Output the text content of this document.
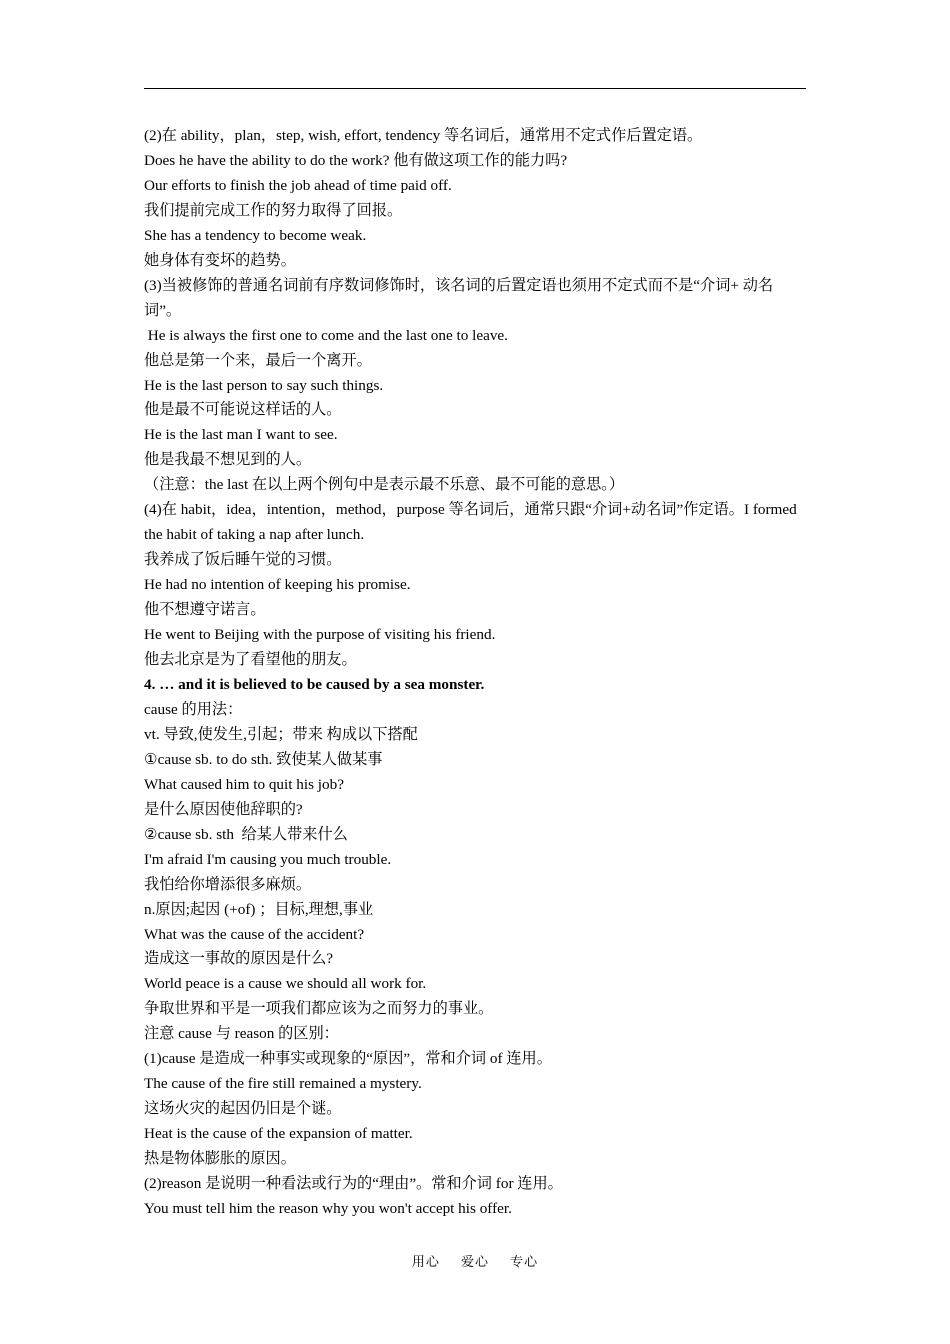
(2)在 ability，plan，step, wish, effort, tendency 等名词后，通常用不定式作后置定语。

Does he have the ability to do the work? 他有做这项工作的能力吗?

Our efforts to finish the job ahead of time paid off.

我们提前完成工作的努力取得了回报。

She has a tendency to become weak.

她身体有变坏的趋势。

(3)当被修饰的普通名词前有序数词修饰时，该名词的后置定语也须用不定式而不是“介词+ 动名词”。

He is always the first one to come and the last one to leave.

他总是第一个来，最后一个离开。

He is the last person to say such things.

他是最不可能说这样话的人。

He is the last man I want to see.

他是我最不想见到的人。

（注意：the last 在以上两个例句中是表示最不乐意、最不可能的意思。）

(4)在 habit，idea，intention，method，purpose 等名词后，通常只跟“介词+动名词”作定语。I formed the habit of taking a nap after lunch.

我养成了饭后睡午觉的习惯。

He had no intention of keeping his promise.

他不想遵守诺言。

He went to Beijing with the purpose of visiting his friend.

他去北京是为了看望他的朋友。

4. … and it is believed to be caused by a sea monster.

cause 的用法：

vt. 导致,使发生,引起；带来 构成以下搭配

①cause sb. to do sth. 致使某人做某事

What caused him to quit his job?

是什么原因使他辞职的?

②cause sb. sth  给某人带来什么

I'm afraid I'm causing you much trouble.

我怕给你增添很多麻烦。

n.原因;起因 (+of) ；目标,理想,事业

What was the cause of the accident?

造成这一事故的原因是什么?

World peace is a cause we should all work for.

争取世界和平是一项我们都应该为之而努力的事业。

注意 cause 与 reason 的区别：

(1)cause 是造成一种事实或现象的“原因”，常和介词 of 连用。

The cause of the fire still remained a mystery.

这场火灾的起因仍旧是个谜。

Heat is the cause of the expansion of matter.

热是物体膨胀的原因。

(2)reason 是说明一种看法或行为的“理由”。常和介词 for 连用。

You must tell him the reason why you won't accept his offer.

用心 爱心 专心
